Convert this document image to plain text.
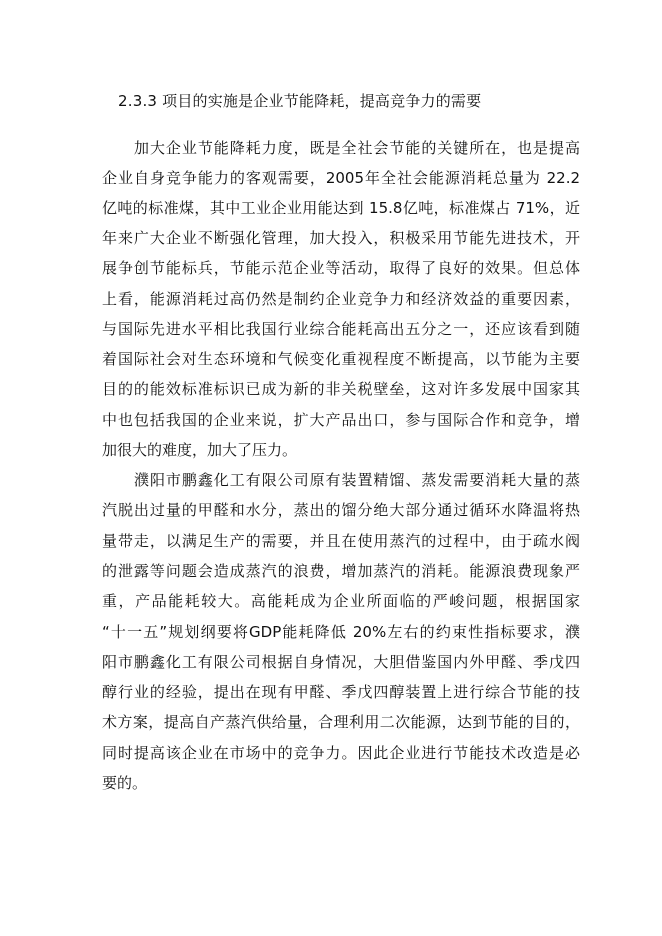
2.3.3 项目的实施是企业节能降耗，提高竞争力的需要
加大企业节能降耗力度，既是全社会节能的关键所在，也是提高
企业自身竞争能力的客观需要，2005年全社会能源消耗总量为 22.2
亿吨的标准煤，其中工业企业用能达到 15.8亿吨，标准煤占 71%，近
年来广大企业不断强化管理，加大投入，积极采用节能先进技术，开
展争创节能标兵，节能示范企业等活动，取得了良好的效果。但总体
上看，能源消耗过高仍然是制约企业竞争力和经济效益的重要因素，
与国际先进水平相比我国行业综合能耗高出五分之一，还应该看到随
着国际社会对生态环境和气候变化重视程度不断提高，以节能为主要
目的的能效标准标识已成为新的非关税壁垒，这对许多发展中国家其
中也包括我国的企业来说，扩大产品出口，参与国际合作和竞争，增
加很大的难度，加大了压力。
濮阳市鹏鑫化工有限公司原有装置精馏、蒸发需要消耗大量的蒸
汽脱出过量的甲醛和水分，蒸出的馏分绝大部分通过循环水降温将热
量带走，以满足生产的需要，并且在使用蒸汽的过程中，由于疏水阀
的泄露等问题会造成蒸汽的浪费，增加蒸汽的消耗。能源浪费现象严
重，产品能耗较大。高能耗成为企业所面临的严峻问题，根据国家
“十一五”规划纲要将GDP能耗降低 20%左右的约束性指标要求，濮
阳市鹏鑫化工有限公司根据自身情况，大胆借鉴国内外甲醛、季戊四
醇行业的经验，提出在现有甲醛、季戊四醇装置上进行综合节能的技
术方案，提高自产蒸汽供给量，合理利用二次能源，达到节能的目的，
同时提高该企业在市场中的竞争力。因此企业进行节能技术改造是必
要的。
